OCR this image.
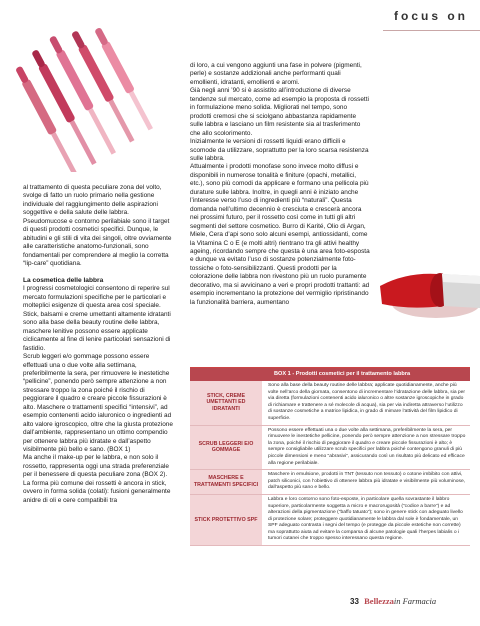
focus on

al trattamento di questa peculiare zona del volto, svolge di fatto un ruolo primario nella gestione individuale del raggiungimento delle aspirazioni soggettive e della salute delle labbra. Pseudomucose e contorno perilabiale sono il target di questi prodotti cosmetici specifici. Dunque, le abitudini e gli stili di vita dei singoli, oltre ovviamente alle caratteristiche anatomo-funzionali, sono fondamentali per comprendere al meglio la corretta “lip-care” quotidiana.

La cosmetica delle labbra

I progressi cosmetologici consentono di reperire sul mercato formulazioni specifiche per le particolari e molteplici esigenze di questa area così speciale.

Stick, balsami e creme umettanti altamente idratanti sono alla base della beauty routine delle labbra, maschere lenitive possono essere applicate ciclicamente al fine di lenire particolari sensazioni di fastidio.

Scrub leggeri e/o gommage possono essere effettuati una o due volte alla settimana, preferibilmente la sera, per rimuovere le inestetiche “pellicine”, ponendo però sempre attenzione a non stressare troppo la zona poiché il rischio di peggiorare il quadro e creare piccole fissurazioni è alto. Maschere o trattamenti specifici “intensivi”, ad esempio contenenti acido ialuronico o ingredienti ad alto valore igroscopico, oltre che la giusta protezione dall’ambiente, rappresentano un ottimo compendio per ottenere labbra più idratate e dall’aspetto visibilmente più bello e sano. (BOX 1)

Ma anche il make-up per le labbra, e non solo il rossetto, rappresenta oggi una strada preferenziale per il benessere di questa peculiare zona (BOX 2). La forma più comune dei rossetti è ancora in stick, ovvero in forma solida (colati): fusioni generalmente anidre di oli e cere compatibili tra

di loro, a cui vengono aggiunti una fase in polvere (pigmenti, perle) e sostanze addizionali anche performanti quali emollienti, idratanti, emollienti e aromi.

Già negli anni ’90 si è assistito all’introduzione di diverse tendenze sul mercato, come ad esempio la proposta di rossetti in formulazione meno solida. Migliorati nel tempo, sono prodotti cremosi che si sciolgano abbastanza rapidamente sulle labbra e lasciano un film resistente sia al trasferimento che allo scolorimento.

Inizialmente le versioni di rossetti liquidi erano difficili e scomode da utilizzare, soprattutto per la loro scarsa resistenza sulle labbra.

Attualmente i prodotti monofase sono invece molto diffusi e disponibili in numerose tonalità e finiture (opachi, metallici, etc.), sono più comodi da applicare e formano una pellicola più durature sulle labbra. Inoltre, in quegli anni è iniziato anche l’interesse verso l’uso di ingredienti più “naturali”. Questa domanda nell’ultimo decennio è cresciuta e crescerà ancora nei prossimi futuro, per il rossetto così come in tutti gli altri segmenti del settore cosmetico. Burro di Karité, Olio di Argan, Miele, Cera d’api sono solo alcuni esempi, antiossidanti, come la Vitamina C o E (e molti altri) rientrano tra gli attivi healthy ageing, ricordando sempre che questa è una area foto-esposta e dunque va evitato l’uso di sostanze potenzialmente foto-tossiche o foto-sensibilizzanti. Questi prodotti per la colorazione delle labbra non rivestono più un ruolo puramente decorativo, ma si avvicinano a veri e propri prodotti trattanti: ad esempio incrementano la protezione del vermiglio ripristinando la funzionalità barriera, aumentano

BOX 1 - Prodotti cosmetici per il trattamento labbra
STICK, CREME UMETTANTI ED IDRATANTI
Sono alla base della beauty routine delle labbra; applicate quotidianamente, anche più volte nell’arco della giornata, consentono di incrementare l’idratazione delle labbra, sia per via diretta (formulazioni contenenti acido ialuronico o altre sostanze igroscopiche in grado di richiamare e trattenere a sé molecole di acqua), sia per via indiretta attraverso l’utilizzo di sostanze cosmetiche a matrice lipidica, in grado di mimare l’attività del film lipidico di superficie.
SCRUB LEGGERI E/O GOMMAGE
Possono essere effettuati una o due volte alla settimana, preferibilmente la sera, per rimuovere le inestetiche pellicine, ponendo però sempre attenzione a non stressare troppo la zona, poiché il rischio di peggiorare il quadro e creare piccole fissurazioni è alto; è sempre consigliabile utilizzare scrub specifici per labbra poiché contengono granuli di più piccole dimensioni e meno “abrasivi”, assicurando così un risultato più delicato ed efficace alla regione perilabiale.
MASCHERE E TRATTAMENTI SPECIFICI
Maschere in emulsione, prodotti in TNT (tessuto non tessuto) o cotone imbibito con attivi, patch siliconici, con l’obiettivo di ottenere labbra più idratate e visibilmente più voluminose, dall’aspetto più sano e bello.
STICK PROTETTIVO SPF
Labbra e loro contorno sono foto-esposte, in particolare quella sovrastante il labbro superiore, particolarmente soggetta a micro e macrorugosità (“codice a barre”) e ad alterazioni della pigmentazione (“baffo tatuato”); sono in genere stick con adeguato livello di protezione solare; proteggere quotidianamente le labbra dal sole è fondamentale, un SPF adeguato contrasta i segni del tempo (e protegge da piccole estetiche non corrette) ma soprattutto aiuta ad evitare la comparsa di alcune patologie quali l’herpes labialis o i tumori cutanei che troppo spesso interessano questa regione.
33 Bellezzain Farmacia
